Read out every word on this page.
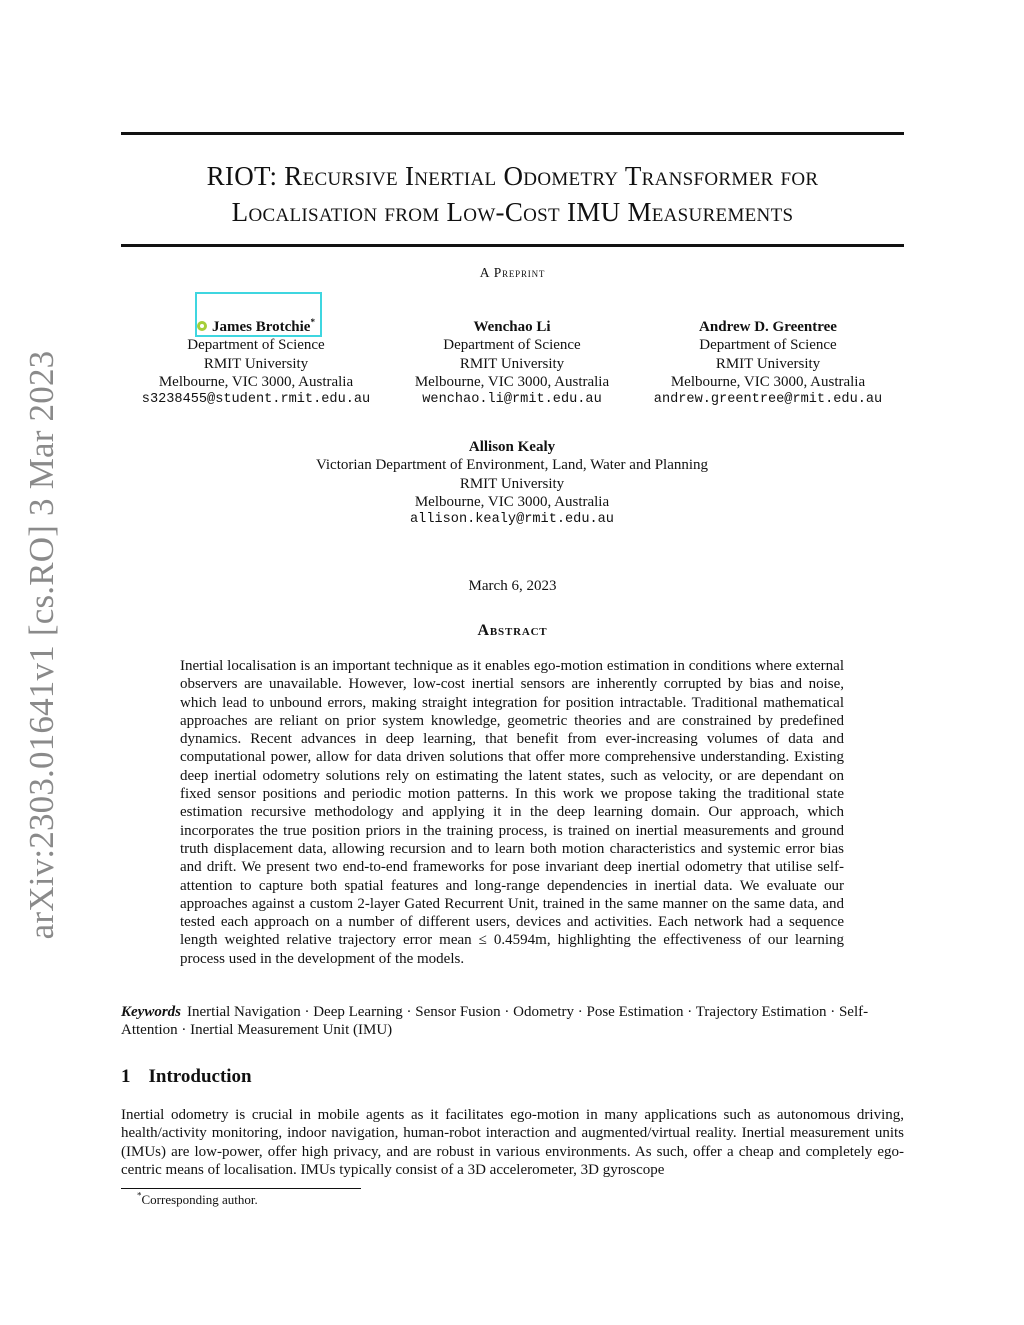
arXiv:2303.01641v1 [cs.RO] 3 Mar 2023
RIOT: Recursive Inertial Odometry Transformer for
Localisation from Low-Cost IMU Measurements
A Preprint
James Brotchie*
Department of Science
RMIT University
Melbourne, VIC 3000, Australia
s3238455@student.rmit.edu.au
Wenchao Li
Department of Science
RMIT University
Melbourne, VIC 3000, Australia
wenchao.li@rmit.edu.au
Andrew D. Greentree
Department of Science
RMIT University
Melbourne, VIC 3000, Australia
andrew.greentree@rmit.edu.au
Allison Kealy
Victorian Department of Environment, Land, Water and Planning
RMIT University
Melbourne, VIC 3000, Australia
allison.kealy@rmit.edu.au
March 6, 2023
Abstract
Inertial localisation is an important technique as it enables ego-motion estimation in conditions where external observers are unavailable. However, low-cost inertial sensors are inherently corrupted by bias and noise, which lead to unbound errors, making straight integration for position intractable. Traditional mathematical approaches are reliant on prior system knowledge, geometric theories and are constrained by predefined dynamics. Recent advances in deep learning, that benefit from ever-increasing volumes of data and computational power, allow for data driven solutions that offer more comprehensive understanding. Existing deep inertial odometry solutions rely on estimating the latent states, such as velocity, or are dependant on fixed sensor positions and periodic motion patterns. In this work we propose taking the traditional state estimation recursive methodology and applying it in the deep learning domain. Our approach, which incorporates the true position priors in the training process, is trained on inertial measurements and ground truth displacement data, allowing recursion and to learn both motion characteristics and systemic error bias and drift. We present two end-to-end frameworks for pose invariant deep inertial odometry that utilise self-attention to capture both spatial features and long-range dependencies in inertial data. We evaluate our approaches against a custom 2-layer Gated Recurrent Unit, trained in the same manner on the same data, and tested each approach on a number of different users, devices and activities. Each network had a sequence length weighted relative trajectory error mean ≤ 0.4594m, highlighting the effectiveness of our learning process used in the development of the models.
Keywords Inertial Navigation · Deep Learning · Sensor Fusion · Odometry · Pose Estimation · Trajectory Estimation · Self-Attention · Inertial Measurement Unit (IMU)
1 Introduction
Inertial odometry is crucial in mobile agents as it facilitates ego-motion in many applications such as autonomous driving, health/activity monitoring, indoor navigation, human-robot interaction and augmented/virtual reality. Inertial measurement units (IMUs) are low-power, offer high privacy, and are robust in various environments. As such, offer a cheap and completely ego-centric means of localisation. IMUs typically consist of a 3D accelerometer, 3D gyroscope
*Corresponding author.
